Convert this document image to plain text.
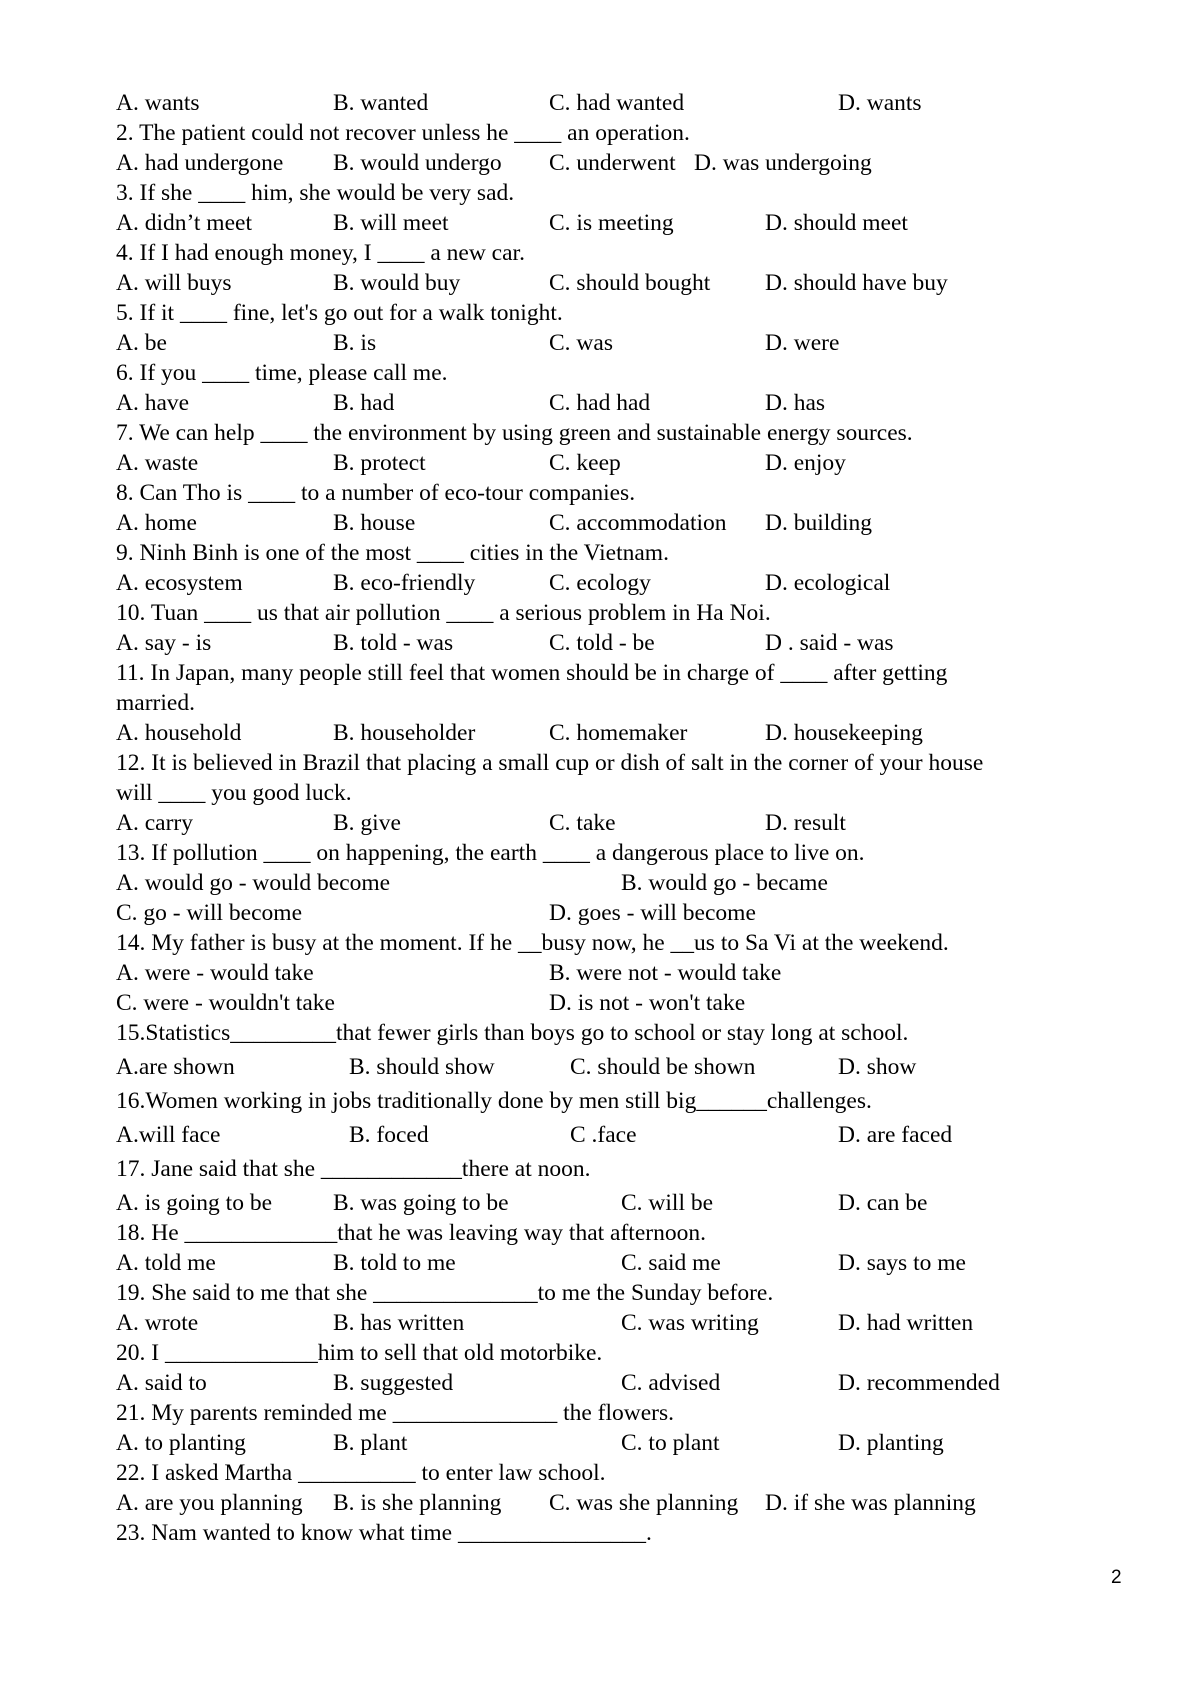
A. wants	B. wanted	C. had wanted	D. wants
2. The patient could not recover unless he ____ an operation.
A. had undergone B. would undergo C. underwent D. was undergoing
3. If she ____ him, she would be very sad.
A. didn’t meet	B. will meet	C. is meeting	D. should meet
4. If I had enough money, I ____ a new car.
A. will buys	B. would buy	C. should bought D. should have buy
5. If it ____ fine, let's go out for a walk tonight.
A. be	B. is	C. was	D. were
6. If you ____ time, please call me.
A. have	B. had	C. had had	D. has
7. We can help ____ the environment by using green and sustainable energy sources.
A. waste	B. protect	C. keep	D. enjoy
8. Can Tho is ____ to a number of eco-tour companies.
A. home	B. house	C. accommodation D. building
9. Ninh Binh is one of the most ____ cities in the Vietnam.
A. ecosystem	B. eco-friendly	C. ecology	D. ecological
10. Tuan ____ us that air pollution ____ a serious problem in Ha Noi.
A. say - is	B. told - was	C. told - be	D . said - was
11. In Japan, many people still feel that women should be in charge of ____ after getting
married.
A. household	B. householder	C. homemaker	D. housekeeping
12. It is believed in Brazil that placing a small cup or dish of salt in the corner of your house
will ____ you good luck.
A. carry	B. give	C. take	D. result
13. If pollution ____ on happening, the earth ____ a dangerous place to live on.
A. would go - would become	B. would go - became
C. go - will become	D. goes - will become
14. My father is busy at the moment. If he __busy now, he __us to Sa Vi at the weekend.
A. were - would take	B. were not - would take
C. were - wouldn't take	D. is not - won't take
15.Statistics_________that fewer girls than boys go to school or stay long at school.
A.are shown	B. should show	C. should be shown	D. show
16.Women working in jobs traditionally done by men still big______challenges.
A.will face	B. foced	C .face	D. are faced
17. Jane said that she ____________there at noon.
A. is going to be	B. was going to be	C. will be	D. can be
18. He _____________that he was leaving way that afternoon.
A. told me	B. told to me	C. said me	D. says to me
19. She said to me that she ______________to me the Sunday before.
A. wrote	B. has written	C. was writing	D. had written
20. I _____________him to sell that old motorbike.
A. said to	B. suggested	C. advised	D. recommended
21. My parents reminded me ______________ the flowers.
A. to planting	B. plant	C. to plant	D. planting
22. I asked Martha __________ to enter law school.
A. are you planning B. is she planning C. was she planning D. if she was planning
23. Nam wanted to know what time ________________.
2
